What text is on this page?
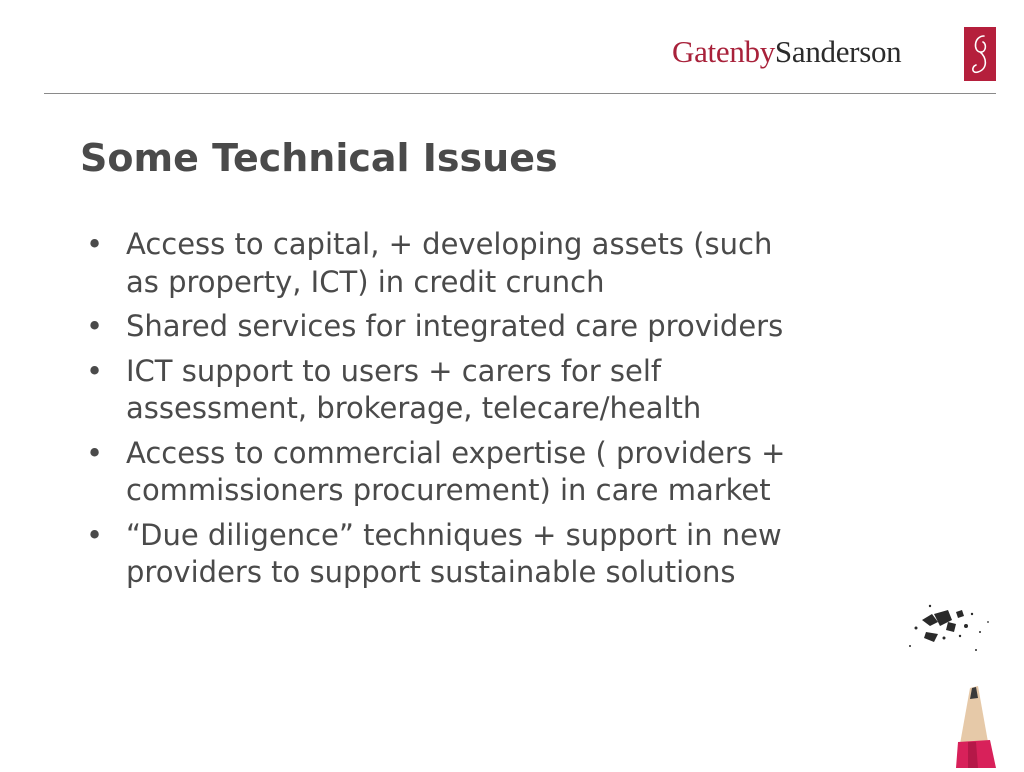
GatenbySanderson
Some Technical Issues
• Access to capital, + developing assets (such
as property, ICT) in credit crunch
• Shared services for integrated care providers
• ICT support to users + carers for self
assessment, brokerage, telecare/health
• Access to commercial expertise ( providers +
commissioners procurement) in care market
• “Due diligence” techniques + support in new
providers to support sustainable solutions
